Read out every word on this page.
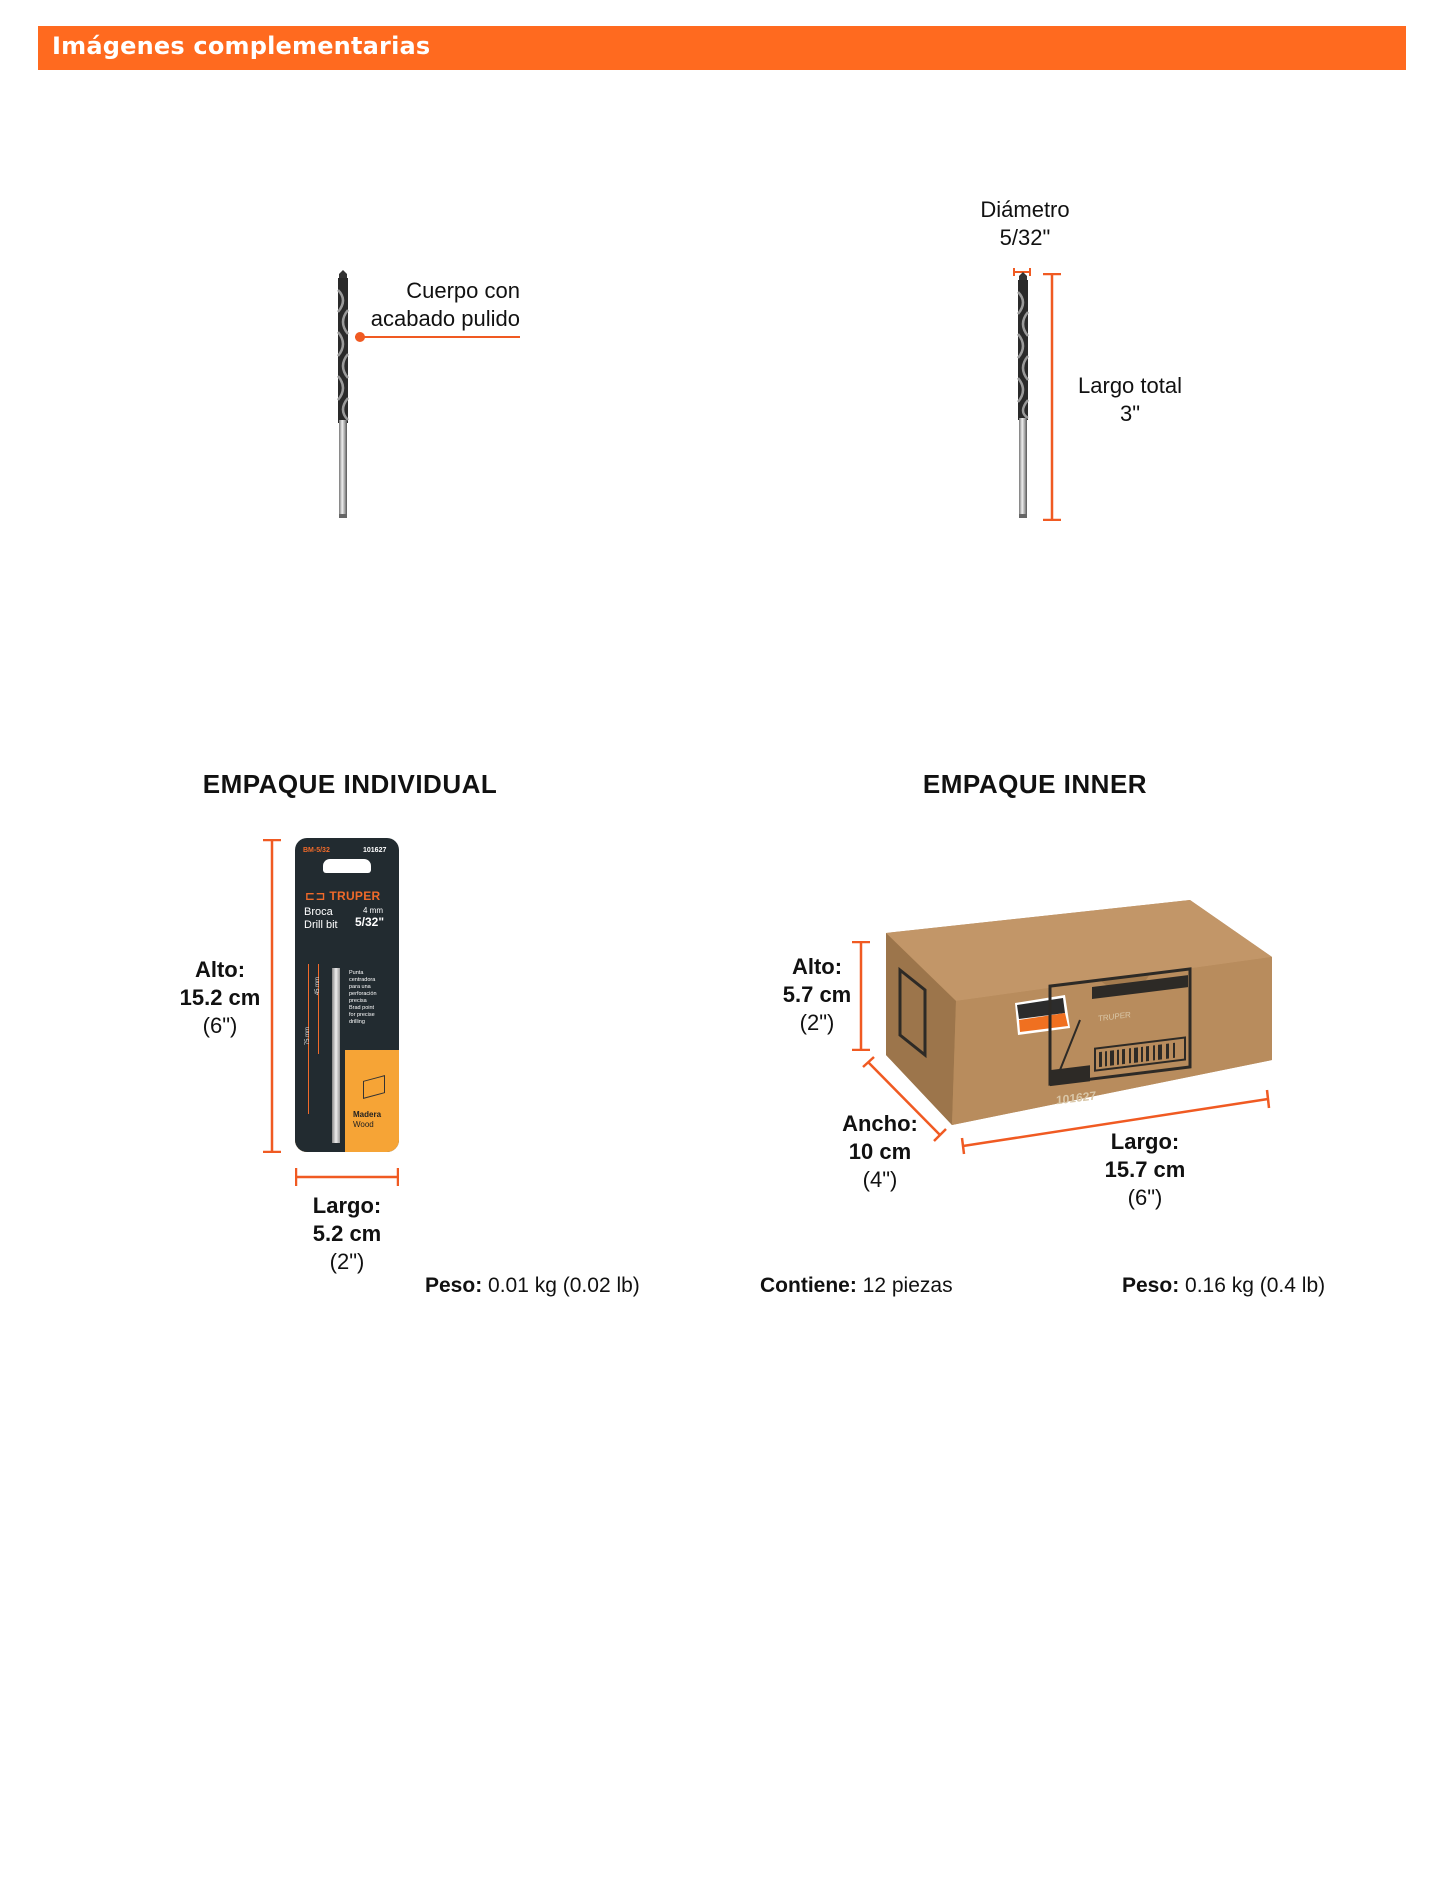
Imágenes complementarias
Cuerpo con
acabado pulido
Diámetro
5/32"
Largo total
3"
EMPAQUE INDIVIDUAL
Alto:
15.2 cm
(6")
BM-5/32	101627
⊏⊐ TRUPER
Broca
Drill bit
4 mm
5/32"
75 mm
45 mm
Punta
centradora
para una
perforación
precisa
Brad point
for precise
drilling
Madera
Wood
Largo:
5.2 cm
(2")
Peso: 0.01 kg (0.02 lb)
EMPAQUE INNER
Alto:
5.7 cm
(2")
101627
TRUPER
Ancho:
10 cm
(4")
Largo:
15.7 cm
(6")
Contiene: 12 piezas	Peso: 0.16 kg (0.4 lb)
